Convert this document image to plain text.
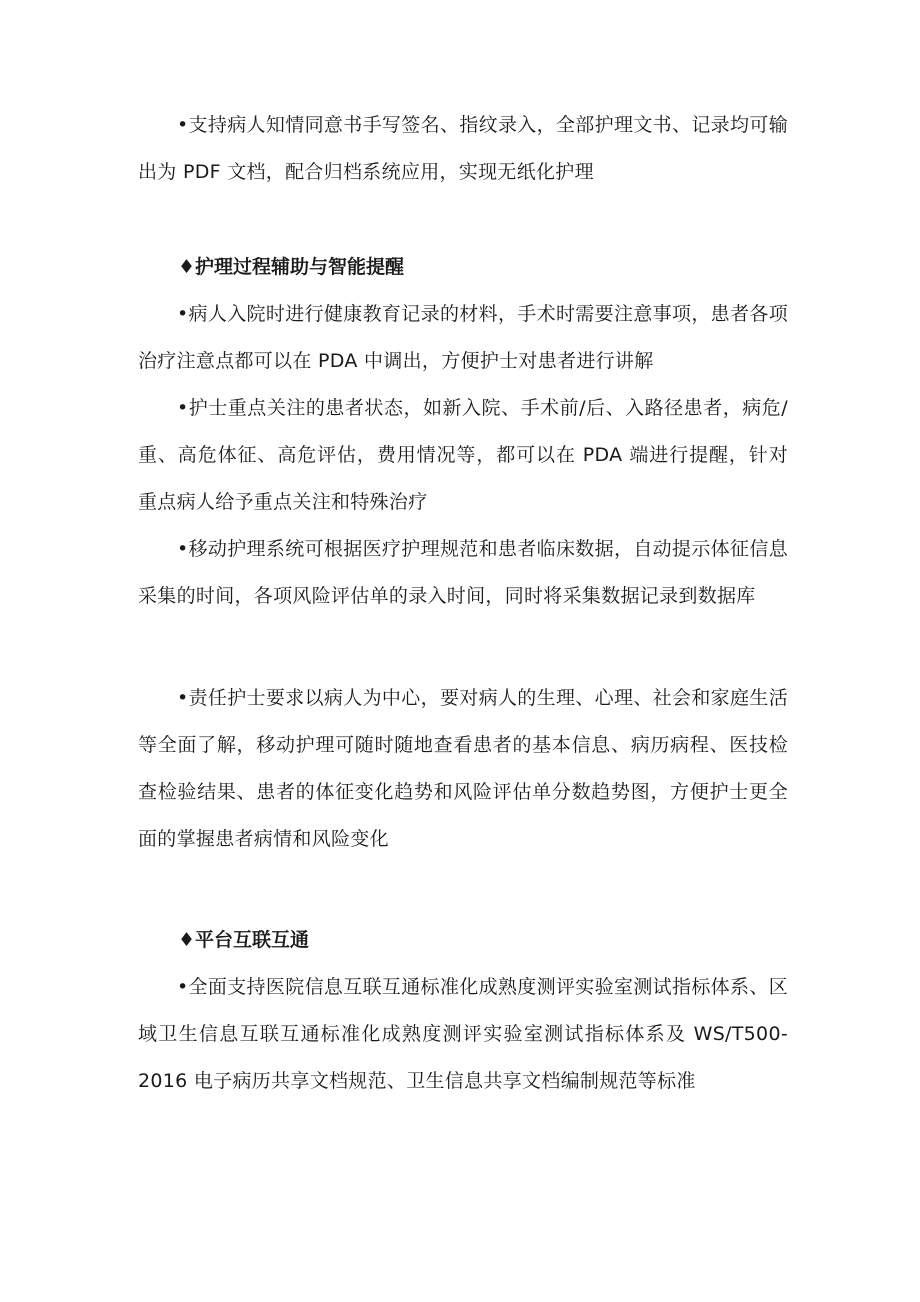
•支持病人知情同意书手写签名、指纹录入，全部护理文书、记录均可输出为 PDF 文档，配合归档系统应用，实现无纸化护理

♦护理过程辅助与智能提醒

•病人入院时进行健康教育记录的材料，手术时需要注意事项，患者各项治疗注意点都可以在 PDA 中调出，方便护士对患者进行讲解

•护士重点关注的患者状态，如新入院、手术前/后、入路径患者，病危/重、高危体征、高危评估，费用情况等，都可以在 PDA 端进行提醒，针对重点病人给予重点关注和特殊治疗

•移动护理系统可根据医疗护理规范和患者临床数据，自动提示体征信息采集的时间，各项风险评估单的录入时间，同时将采集数据记录到数据库

•责任护士要求以病人为中心，要对病人的生理、心理、社会和家庭生活等全面了解，移动护理可随时随地查看患者的基本信息、病历病程、医技检查检验结果、患者的体征变化趋势和风险评估单分数趋势图，方便护士更全面的掌握患者病情和风险变化

♦平台互联互通

•全面支持医院信息互联互通标准化成熟度测评实验室测试指标体系、区域卫生信息互联互通标准化成熟度测评实验室测试指标体系及 WS/T500-2016 电子病历共享文档规范、卫生信息共享文档编制规范等标准
